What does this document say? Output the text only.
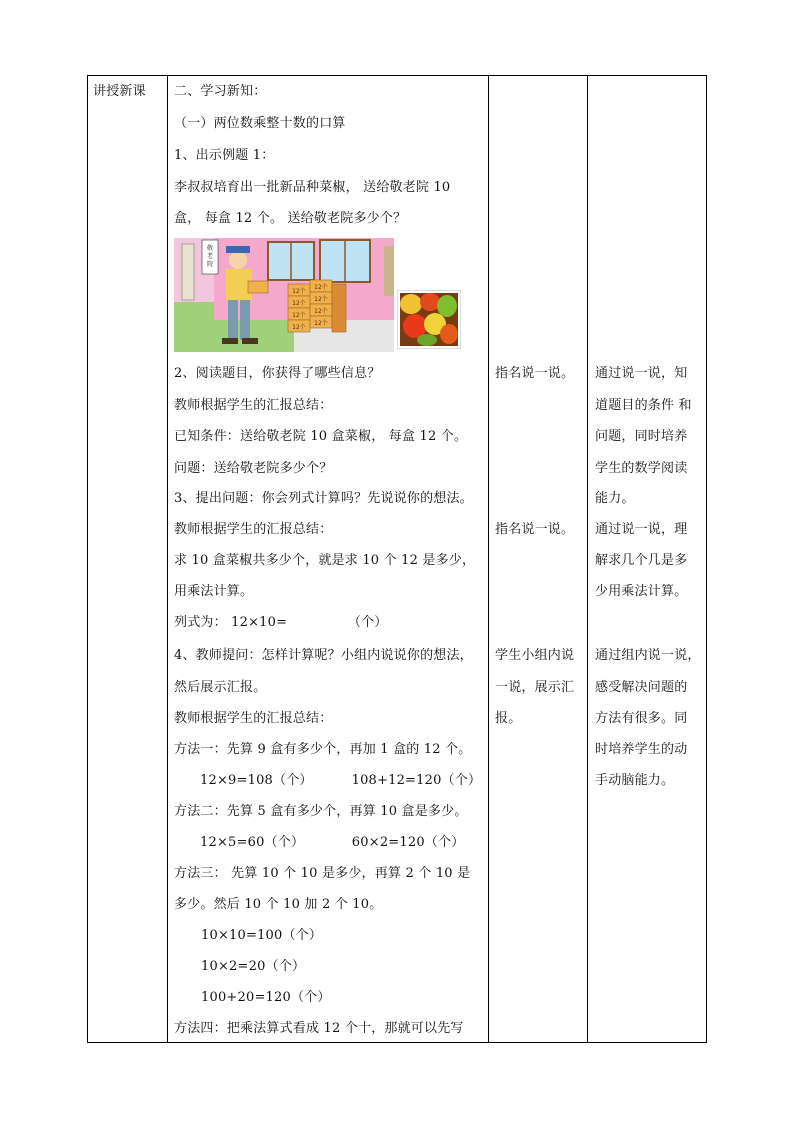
讲授新课 二、学习新知：
（一）两位数乘整十数的口算
1、出示例题 1：
李叔叔培育出一批新品种菜椒， 送给敬老院 10
盒， 每盒 12 个。 送给敬老院多少个？
敬
老
院
12个
12个
12个
12个
12个
12个
12个
12个
2、阅读题目，你获得了哪些信息？
教师根据学生的汇报总结：
已知条件：送给敬老院 10 盒菜椒， 每盒 12 个。
问题：送给敬老院多少个？
3、提出问题：你会列式计算吗？先说说你的想法。
教师根据学生的汇报总结：
求 10 盒菜椒共多少个，就是求 10 个 12 是多少，
用乘法计算。
列式为： 12×10=              （个）
4、教师提问：怎样计算呢？小组内说说你的想法，
然后展示汇报。
教师根据学生的汇报总结：
方法一：先算 9 盒有多少个，再加 1 盒的 12 个。
12×9=108（个）         108+12=120（个）
方法二：先算 5 盒有多少个，再算 10 盒是多少。
12×5=60（个）           60×2=120（个）
方法三： 先算 10 个 10 是多少，再算 2 个 10 是
多少。然后 10 个 10 加 2 个 10。
10×10=100（个）
10×2=20（个）
100+20=120（个）
方法四：把乘法算式看成 12 个十，那就可以先写
指名说一说。
指名说一说。
学生小组内说
一说，展示汇
报。
通过说一说，知
道题目的条件 和
问题，同时培养
学生的数学阅读
能力。
通过说一说，理
解求几个几是多
少用乘法计算。
通过组内说一说，
感受解决问题的
方法有很多。同
时培养学生的动
手动脑能力。
